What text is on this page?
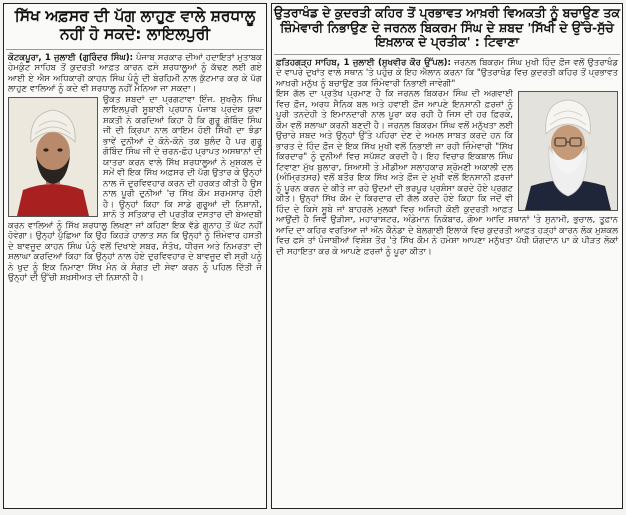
ਸਿੱਖ ਅਫ਼ਸਰ ਦੀ ਪੱਗ ਲਾਹੁਣ ਵਾਲੇ ਸ਼ਰਧਾਲੂ ਨਹੀਂ ਹੋ ਸਕਦੇ: ਲਾਇਲਪੁਰੀ

ਕੋਟਕਪੂਰਾ, 1 ਜੁਲਾਈ (ਗੁਰਿੰਦਰ ਸਿੰਘ): ਪੰਜਾਬ ਸਰਕਾਰ ਦੀਆਂ ਹਦਾਇਤਾਂ ਮੁਤਾਬਕ ਹੇਮਕੁੰਟ ਸਾਹਿਬ ਤੋਂ ਕੁਦਰਤੀ ਆਫ਼ਤ ਕਾਰਨ ਫਸੇ ਸ਼ਰਧਾਲੂਆਂ ਨੂੰ ਕੱਢਣ ਲਈ ਗਏ ਆਈ ਏ ਐਸ ਅਧਿਕਾਰੀ ਕਾਹਨ ਸਿੰਘ ਪੰਨੂੰ ਦੀ ਬੇਰਹਿਮੀ ਨਾਲ ਕੁੱਟਮਾਰ ਕਰ ਕੇ ਪੱਗ ਲਾਹੁਣ ਵਾਲਿਆਂ ਨੂੰ ਕਦੇ ਵੀ ਸ਼ਰਧਾਲੂ ਨਹੀਂ ਮੰਨਿਆ ਜਾ ਸਕਦਾ।

ਉਕਤ ਸ਼ਬਦਾਂ ਦਾ ਪ੍ਰਗਟਾਵਾ ਇੰਜ. ਸੁਖਚੈਨ ਸਿੰਘ ਲਾਇਲਪੁਰੀ ਸੂਬਾਈ ਪ੍ਰਧਾਨ ਪੰਜਾਬ ਪ੍ਰਦੇਸ਼ ਯੁਵਾ ਸ਼ਕਤੀ ਨੇ ਕਰਦਿਆਂ ਕਿਹਾ ਹੈ ਕਿ ਗੁਰੂ ਗੋਬਿੰਦ ਸਿੰਘ ਜੀ ਦੀ ਕ੍ਰਿਪਾ ਨਾਲ ਕਾਇਮ ਹੋਈ ਸਿੱਖੀ ਦਾ ਝੰਡਾ ਭਾਵੇਂ ਦੁਨੀਆਂ ਦੇ ਕੋਨੇ-ਕੋਨੇ ਤਕ ਬੁਲੰਦ ਹੈ ਪਰ ਗੁਰੂ ਗੋਬਿੰਦ ਸਿੰਘ ਜੀ ਦੇ ਚਰਨ-ਛੋਹ ਪ੍ਰਾਪਤ ਅਸਥਾਨਾਂ ਦੀ ਯਾਤਰਾ ਕਰਨ ਵਾਲੇ ਸਿੱਖ ਸ਼ਰਧਾਲੂਆਂ ਨੇ ਮੁਸ਼ਕਲ ਦੇ ਸਮੇਂ ਵੀ ਇਕ ਸਿੱਖ ਅਫ਼ਸਰ ਦੀ ਪੱਗ ਉਤਾਰ ਕੇ ਉਨ੍ਹਾਂ ਨਾਲ ਜੋ ਦੁਰਵਿਵਹਾਰ ਕਰਨ ਦੀ ਹਰਕਤ ਕੀਤੀ ਹੈ ਉਸ ਨਾਲ ਪੂਰੀ ਦੁਨੀਆਂ 'ਚ ਸਿੱਖ ਕੌਮ ਸ਼ਰਮਸਾਰ ਹੋਈ ਹੈ। ਉਨ੍ਹਾਂ ਕਿਹਾ ਕਿ ਸਾਡੇ ਗੁਰੂਆਂ ਦੀ ਨਿਸ਼ਾਨੀ, ਸ਼ਾਨੋ ਤੇ ਸਤਿਕਾਰ ਦੀ ਪ੍ਰਤੀਕ ਦਸਤਾਰ ਦੀ ਬੇਅਦਬੀ ਕਰਨ ਵਾਲਿਆਂ ਨੂੰ ਸਿੱਖ ਸ਼ਰਧਾਲੂ ਲਿਖਣਾ ਜਾਂ ਕਹਿਣਾ ਇਕ ਵੱਡੇ ਗੁਨਾਹ ਤੋਂ ਘੱਟ ਨਹੀਂ ਹੋਵੇਗਾ। ਉਨ੍ਹਾਂ ਪੁੱਛਿਆ ਕਿ ਉਹ ਕਿਹੜੇ ਹਾਲਾਤ ਸਨ ਕਿ ਉਨ੍ਹਾਂ ਨੂੰ ਜ਼ਿੰਮੇਵਾਰ ਹਸਤੀ ਦੇ ਬਾਵਜੂਦ ਕਾਹਨ ਸਿੰਘ ਪੰਨੂੰ ਵਲੋਂ ਦਿਖਾਏ ਸਬਰ, ਸੰਤੋਖ, ਧੀਰਜ ਅਤੇ ਨਿਮਰਤਾ ਦੀ ਸ਼ਲਾਘਾ ਕਰਦਿਆਂ ਕਿਹਾ ਕਿ ਉਨ੍ਹਾਂ ਨਾਲ ਹੋਏ ਦੁਰਵਿਵਹਾਰ ਦੇ ਬਾਵਜੂਦ ਵੀ ਸ੍ਰੀ ਪਨੂੰ ਨੇ ਖੁਦ ਨੂੰ ਇਕ ਨਿਮਾਣਾ ਸਿੱਖ ਮੰਨ ਕੇ ਸੰਗਤ ਦੀ ਸੇਵਾ ਕਰਨ ਨੂੰ ਪਹਿਲ ਦਿੱਤੀ ਜੋ ਉਨ੍ਹਾਂ ਦੀ ਉੱਚੀ ਸ਼ਖ਼ਸੀਅਤ ਦੀ ਨਿਸ਼ਾਨੀ ਹੈ।

ਉਤਰਾਖੰਡ ਦੇ ਕੁਦਰਤੀ ਕਹਿਰ ਤੋਂ ਪ੍ਰਭਾਵਤ ਆਖ਼ਰੀ ਵਿਅਕਤੀ ਨੂੰ ਬਚਾਉਣ ਤਕ ਜ਼ਿੰਮੇਵਾਰੀ ਨਿਭਾਉਣ ਦੇ ਜਰਨਲ ਬਿਕਰਮ ਸਿੰਘ ਦੇ ਸ਼ਬਦ 'ਸਿੱਖੀ ਦੇ ਉੱਚੇ-ਸੁੱਚੇ ਇਖ਼ਲਾਕ ਦੇ ਪ੍ਰਤੀਕ' : ਟਿਵਾਣਾ

ਫ਼ਤਿਹਗੜ੍ਹ ਸਾਹਿਬ, 1 ਜੁਲਾਈ (ਸੁਖਵੀਰ ਕੌਰ ਉੱਪਲ): ਜਰਨਲ ਬਿਕਰਮ ਸਿੰਘ ਮੁਖੀ ਹਿੰਦ ਫ਼ੌਜ ਵਲੋਂ ਉਤਰਾਖੰਡ ਦੇ ਵਾਪਰੇ ਦੁਖਾਂਤ ਵਾਲੇ ਸਥਾਨ 'ਤੇ ਪਹੁੰਚ ਕੇ ਇਹ ਐਲਾਨ ਕਰਨਾ ਕਿ "ਉਤਰਾਖੰਡ ਵਿਚ ਕੁਦਰਤੀ ਕਹਿਰ ਤੋਂ ਪ੍ਰਭਾਵਤ ਆਖ਼ਰੀ ਮਨੁੱਖ ਨੂੰ ਬਚਾਉਣ ਤਕ ਜ਼ਿੰਮੇਵਾਰੀ ਨਿਭਾਈ ਜਾਵੇਗੀ"

ਇਸ ਗੱਲ ਦਾ ਪ੍ਰਤੱਖ ਪ੍ਰਮਾਣ ਹੈ ਕਿ ਜਰਨਲ ਬਿਕਰਮ ਸਿੰਘ ਦੀ ਅਗਵਾਈ ਵਿਚ ਫ਼ੌਜ, ਅਰਧ ਸੈਨਿਕ ਬਲ ਅਤੇ ਹਵਾਈ ਫ਼ੌਜ ਆਪਣੇ ਇਨਸਾਨੀ ਫ਼ਰਜ਼ਾਂ ਨੂੰ ਪੂਰੀ ਤਨਦੇਹੀ ਤੇ ਇਮਾਨਦਾਰੀ ਨਾਲ ਪੂਰਾ ਕਰ ਰਹੀ ਹੈ ਜਿਸ ਦੀ ਹਰ ਫ਼ਿਰਕੇ, ਕੌਮ ਵਲੋਂ ਸ਼ਲਾਘਾ ਕਰਨੀ ਬਣਦੀ ਹੈ। ਜਰਨਲ ਬਿਕਰਮ ਸਿੰਘ ਵਲੋਂ ਮਨੁੱਖਤਾ ਲਈ ਉਚਾਰੇ ਸ਼ਬਦ ਅਤੇ ਉਨ੍ਹਾਂ ਉੱਤੇ ਪਹਿਰਾ ਦੇਣ ਦੇ ਅਮਲ ਸਾਬਤ ਕਰਦੇ ਹਨ ਕਿ ਭਾਰਤ ਦੇ ਹਿੰਦ ਫ਼ੌਜ ਦੇ ਇਕ ਸਿੱਖ ਮੁਖੀ ਵਲੋਂ ਨਿਭਾਈ ਜਾ ਰਹੀ ਜ਼ਿੰਮੇਵਾਰੀ "ਸਿੱਖ ਕਿਰਦਾਰ" ਨੂੰ ਦੁਨੀਆਂ ਵਿਚ ਸਪੱਸ਼ਟ ਕਰਦੀ ਹੈ। ਇਹ ਵਿਚਾਰ ਇਕਬਾਲ ਸਿੰਘ ਟਿਵਾਣਾ ਮੁੱਖ ਬੁਲਾਰਾ, ਸਿਆਸੀ ਤੇ ਮੀਡੀਆ ਸਲਾਹਕਾਰ ਸ਼੍ਰੋਮਣੀ ਅਕਾਲੀ ਦਲ (ਅੰਮ੍ਰਿਤਸਰ) ਵਲੋਂ ਬਤੌਰ ਇਕ ਸਿੱਖ ਅਤੇ ਫ਼ੌਜ ਦੇ ਮੁਖੀ ਵਲੋਂ ਇਨਸਾਨੀ ਫ਼ਰਜ਼ਾਂ ਨੂੰ ਪੂਰਨ ਕਰਨ ਦੇ ਕੀਤੇ ਜਾ ਰਹੇ ਉਦਮਾਂ ਦੀ ਭਰਪੂਰ ਪ੍ਰਸ਼ੰਸਾ ਕਰਦੇ ਹੋਏ ਪ੍ਰਗਟ ਕੀਤੇ। ਉਨ੍ਹਾਂ ਸਿੱਖ ਕੌਮ ਦੇ ਕਿਰਦਾਰ ਦੀ ਗੱਲ ਕਰਦੇ ਹੋਏ ਕਿਹਾ ਕਿ ਜਦੋਂ ਵੀ ਹਿੰਦ ਦੇ ਕਿਸੇ ਸੂਬੇ ਜਾਂ ਬਾਹਰਲੇ ਮੁਲਕਾਂ ਵਿਚ ਅਜਿਹੀ ਕੋਈ ਕੁਦਰਤੀ ਆਫ਼ਤ ਆਉਂਦੀ ਹੈ ਜਿਵੇਂ ਉੜੀਸਾ, ਮਹਾਰਾਸ਼ਟਰ, ਅੰਡੇਮਾਨ ਨਿਕੋਬਾਰ, ਗੋਆ ਆਦਿ ਸਥਾਨਾਂ 'ਤੇ ਸੁਨਾਮੀ, ਭੁਚਾਲ, ਤੂਫ਼ਾਨ ਆਦਿ ਦਾ ਕਹਿਰ ਵਰਤਿਆ ਜਾਂ ਔਨ ਕੈਨੇਡਾ ਦੇ ਬੇਲਗਾਈ ਇਲਾਕੇ ਵਿਚ ਕੁਦਰਤੀ ਆਫ਼ਤ ਹੜ੍ਹਾਂ ਕਾਰਨ ਲੋਕ ਮੁਸ਼ਕਲ ਵਿਚ ਫਸੇ ਤਾਂ ਪੰਜਾਬੀਆਂ ਵਿਸ਼ੇਸ਼ ਤੌਰ 'ਤੇ ਸਿੱਖ ਕੌਮ ਨੇ ਹਮੇਸ਼ਾ ਆਪਣਾ ਮਨੁੱਖਤਾ ਪੱਖੀ ਯੋਗਦਾਨ ਪਾ ਕੇ ਪੀੜਤ ਲੋਕਾਂ ਦੀ ਸਹਾਇਤਾ ਕਰ ਕੇ ਆਪਣੇ ਫ਼ਰਜ਼ਾਂ ਨੂੰ ਪੂਰਾ ਕੀਤਾ।
